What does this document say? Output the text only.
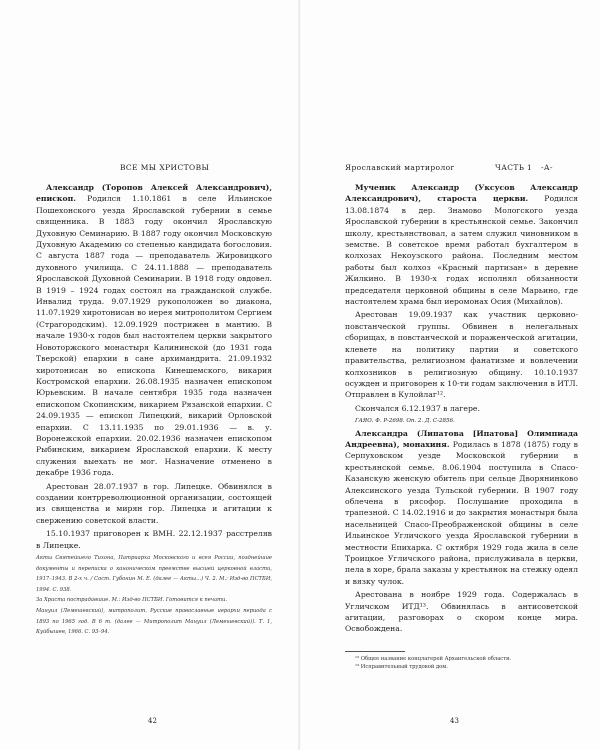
ВСЕ МЫ ХРИСТОВЫ

Александр (Торопов Алексей Александрович), епископ. Родился 1.10.1861 в селе Ильинское Пошехонского уезда Ярославской губернии в семье священника. В 1883 году окончил Ярославскую Духовную Семинарию. В 1887 году окончил Московскую Духовную Академию со степенью кандидата богословия. С августа 1887 года — преподаватель Жировицкого духовного училища. С 24.11.1888 — преподаватель Ярославской Духовной Семинарии. В 1918 году овдовел. В 1919 – 1924 годах состоял на гражданской службе. Инвалид труда. 9.07.1929 рукоположен во диакона, 11.07.1929 хиротонисан во иерея митрополитом Сергием (Страгородским). 12.09.1929 пострижен в мантию. В начале 1930-х годов был настоятелем церкви закрытого Новоторжского монастыря Калининской (до 1931 года Тверской) епархии в сане архимандрита. 21.09.1932 хиротонисан во епископа Кинешемского, викария Костромской епархии. 26.08.1935 назначен епископом Юрьевским. В начале сентября 1935 года назначен епископом Скопинским, викарием Рязанской епархии. С 24.09.1935 — епископ Липецкий, викарий Орловской епархии. С 13.11.1935 по 29.01.1936 — в. у. Воронежской епархии. 20.02.1936 назначен епископом Рыбинским, викарием Ярославской епархии. К месту служения выехать не мог. Назначение отменено в декабре 1936 года.

Арестован 28.07.1937 в гор. Липецке. Обвинялся в создании контрреволюционной организации, состоящей из священства и мирян гор. Липецка и агитации к свержению советской власти.

15.10.1937 приговорен к ВМН. 22.12.1937 расстреляв в Липецке.

Акты Святейшего Тихона, Патриарха Московского и всея России, позднейшие документы и переписка о каноническом преемстве высшей церковной власти, 1917–1943. В 2-х ч. / Сост. Губонин М. Е. (далее — Акты...) Ч. 2. М.: Изд-во ПСТБИ, 1994. С. 938.

За Христа пострадавшие. М.: Изд-во ПСТБИ. Готовится к печати.

Мануил (Лемешевский), митрополит. Русские православные иерархи периода с 1893 по 1965 год. В 6 т. (далее — Митрополит Мануил (Лемешевский)). Т. 1, Куйбышев, 1966. С. 93–94.

42
Ярославский мартиролог	ЧАСТЬ 1 -А-

Мученик Александр (Уксусов Александр Александрович), староста церкви. Родился 13.08.1874 в дер. Знамово Мологского уезда Ярославской губернии в крестьянской семье. Закончил школу, крестьянствовал, а затем служил чиновником в земстве. В советское время работал бухгалтером в колхозах Некоузского района. Последним местом работы был колхоз «Красный партизан» в деревне Жилкино. В 1930-х годах исполнял обязанности председателя церковной общины в селе Марьино, где настоятелем храма был иеромонах Осия (Михайлов).

Арестован 19.09.1937 как участник церковно-повстанческой группы. Обвинен в нелегальных сборищах, в повстанческой и пораженческой агитации, клевете на политику партии и советского правительства, религиозном фанатизме и вовлечении колхозников в религиозную общину. 10.10.1937 осужден и приговорен к 10-ти годам заключения в ИТЛ. Отправлен в Кулойлаг¹².

Скончался 6.12.1937 в лагере.

ГАЯО. Ф. Р-2698. Оп. 2. Д. С-2856.

Александра (Липатова [Ипатова] Олимпиада Андреевна), монахиня. Родилась в 1878 (1875) году в Серпуховском уезде Московской губернии в крестьянской семье. 8.06.1904 поступила в Спасо-Казанскую женскую обитель при сельце Дворянинково Алексинского уезда Тульской губернии. В 1907 году облечена в рясофор. Послушание проходила в трапезной. С 14.02.1916 и до закрытия монастыря была насельницей Спасо-Преображенской общины в селе Ильинское Угличского уезда Ярославской губернии в местности Епихарка. С октября 1929 года жила в селе Троицкое Угличского района, прислуживала в церкви, пела в хоре, брала заказы у крестьянок на стежку одеял и вязку чулок.

Арестована в ноябре 1929 года. Содержалась в Угличском ИТД¹³. Обвинялась в антисоветской агитации, разговорах о скором конце мира. Освобождена.

¹² Общее название концлагерей Архангельской области.

¹³ Исправительный трудовой дом.

43
